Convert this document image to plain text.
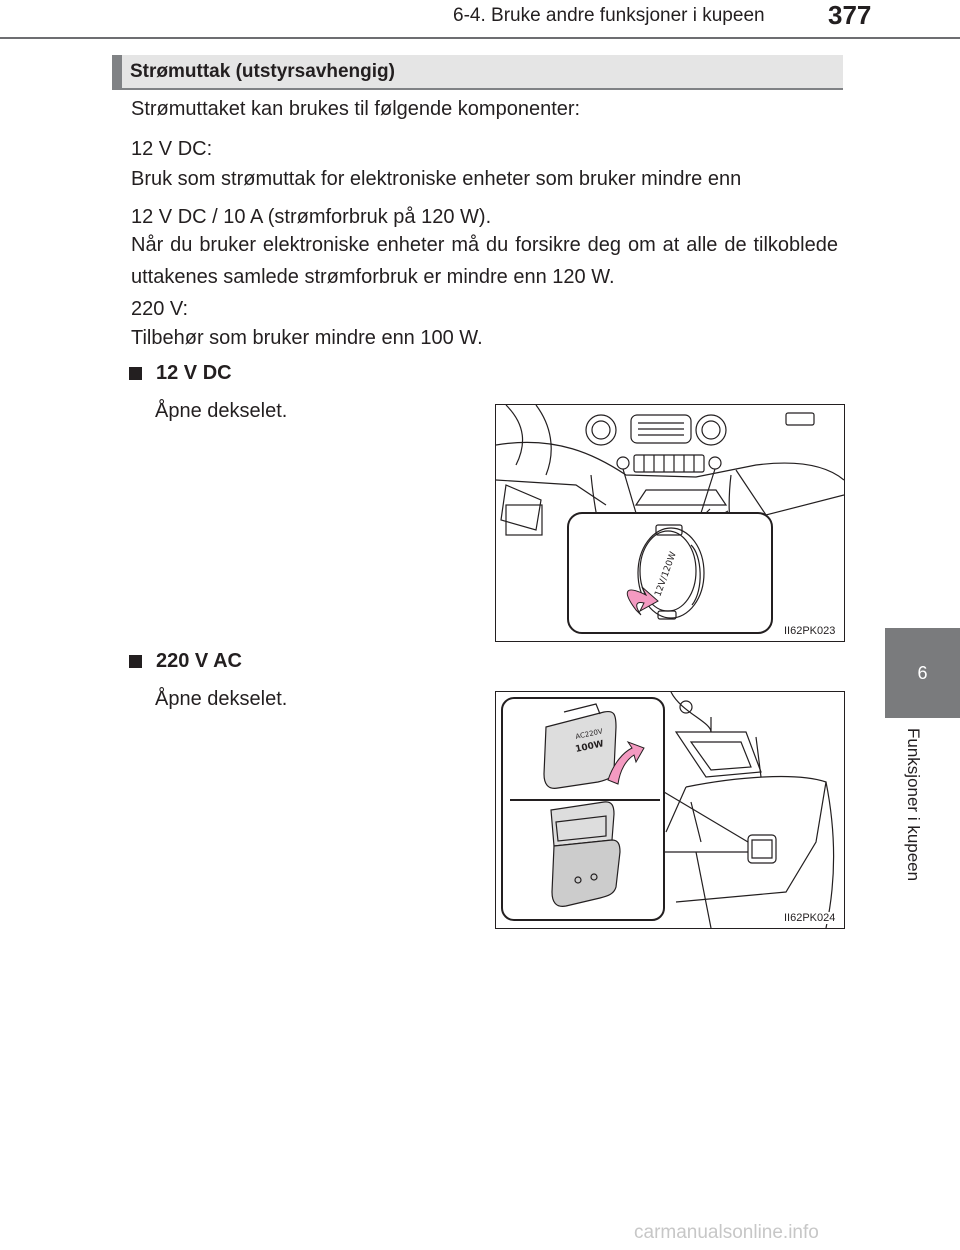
6-4. Bruke andre funksjoner i kupeen 377
6
Funksjoner i kupeen
Strømuttak (utstyrsavhengig)

Strømuttaket kan brukes til følgende komponenter:

12 V DC:

Bruk som strømuttak for elektroniske enheter som bruker mindre enn

12 V DC / 10 A (strømforbruk på 120 W).

Når du bruker elektroniske enheter må du forsikre deg om at alle de tilkoblede uttakenes samlede strømforbruk er mindre enn 120 W.

220 V:

Tilbehør som bruker mindre enn 100 W.

12 V DC
Åpne dekselet.
12V/120W
II62PK023
220 V AC
Åpne dekselet.
AC220V
100W
II62PK024
carmanualsonline.info
